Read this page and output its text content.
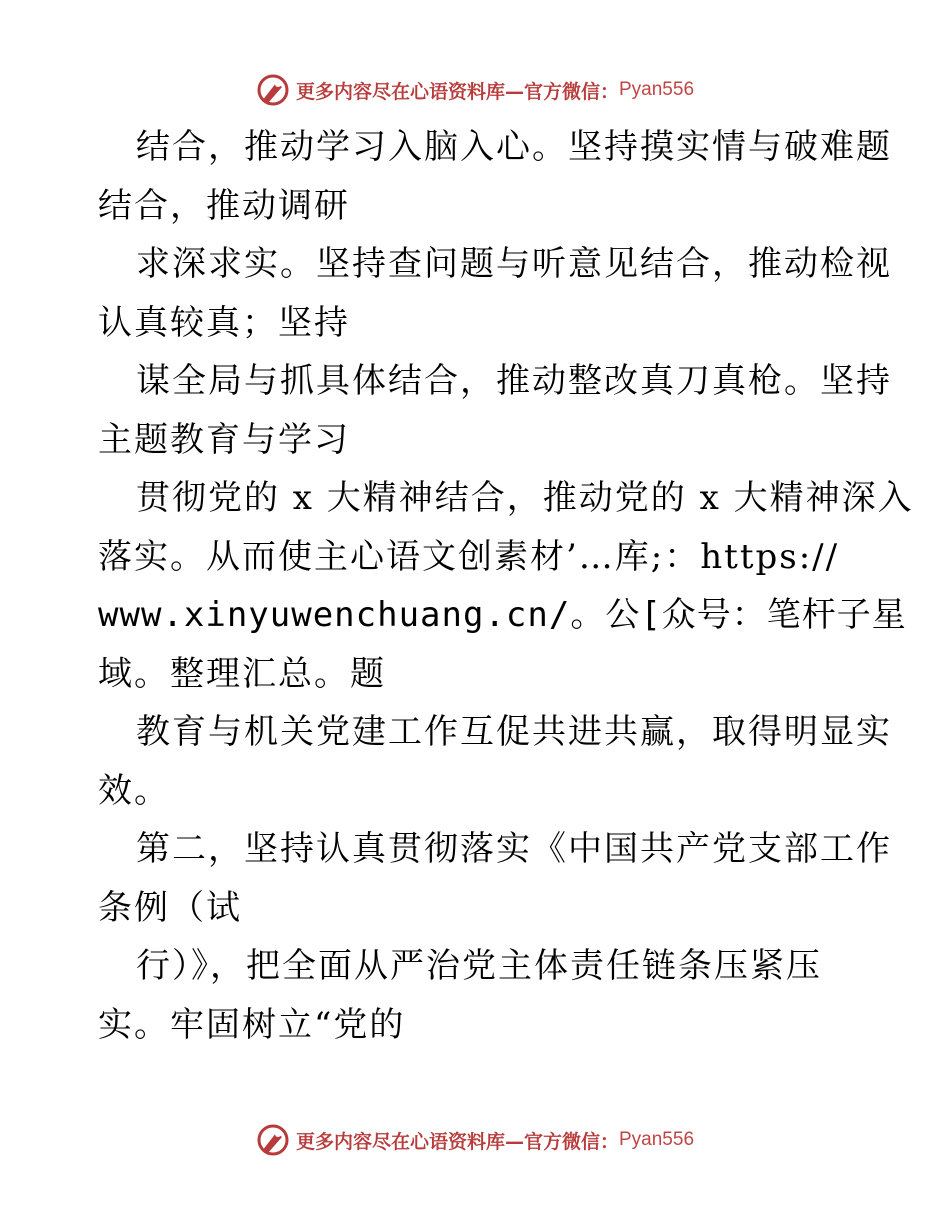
更多内容尽在心语资料库—官方微信： Pyan556
结合，推动学习入脑入心。坚持摸实情与破难题
结合，推动调研
求深求实。坚持查问题与听意见结合，推动检视
认真较真；坚持
谋全局与抓具体结合，推动整改真刀真枪。坚持
主题教育与学习
贯彻党的 x 大精神结合，推动党的 x 大精神深入
落实。从而使主心语文创素材’…库;：https://
www.xinyuwenchuang.cn/。公[众号：笔杆子星
域。整理汇总。题
教育与机关党建工作互促共进共赢，取得明显实
效。
第二，坚持认真贯彻落实《中国共产党支部工作
条例（试
行）》，把全面从严治党主体责任链条压紧压
实。牢固树立“党的
更多内容尽在心语资料库—官方微信： Pyan556
